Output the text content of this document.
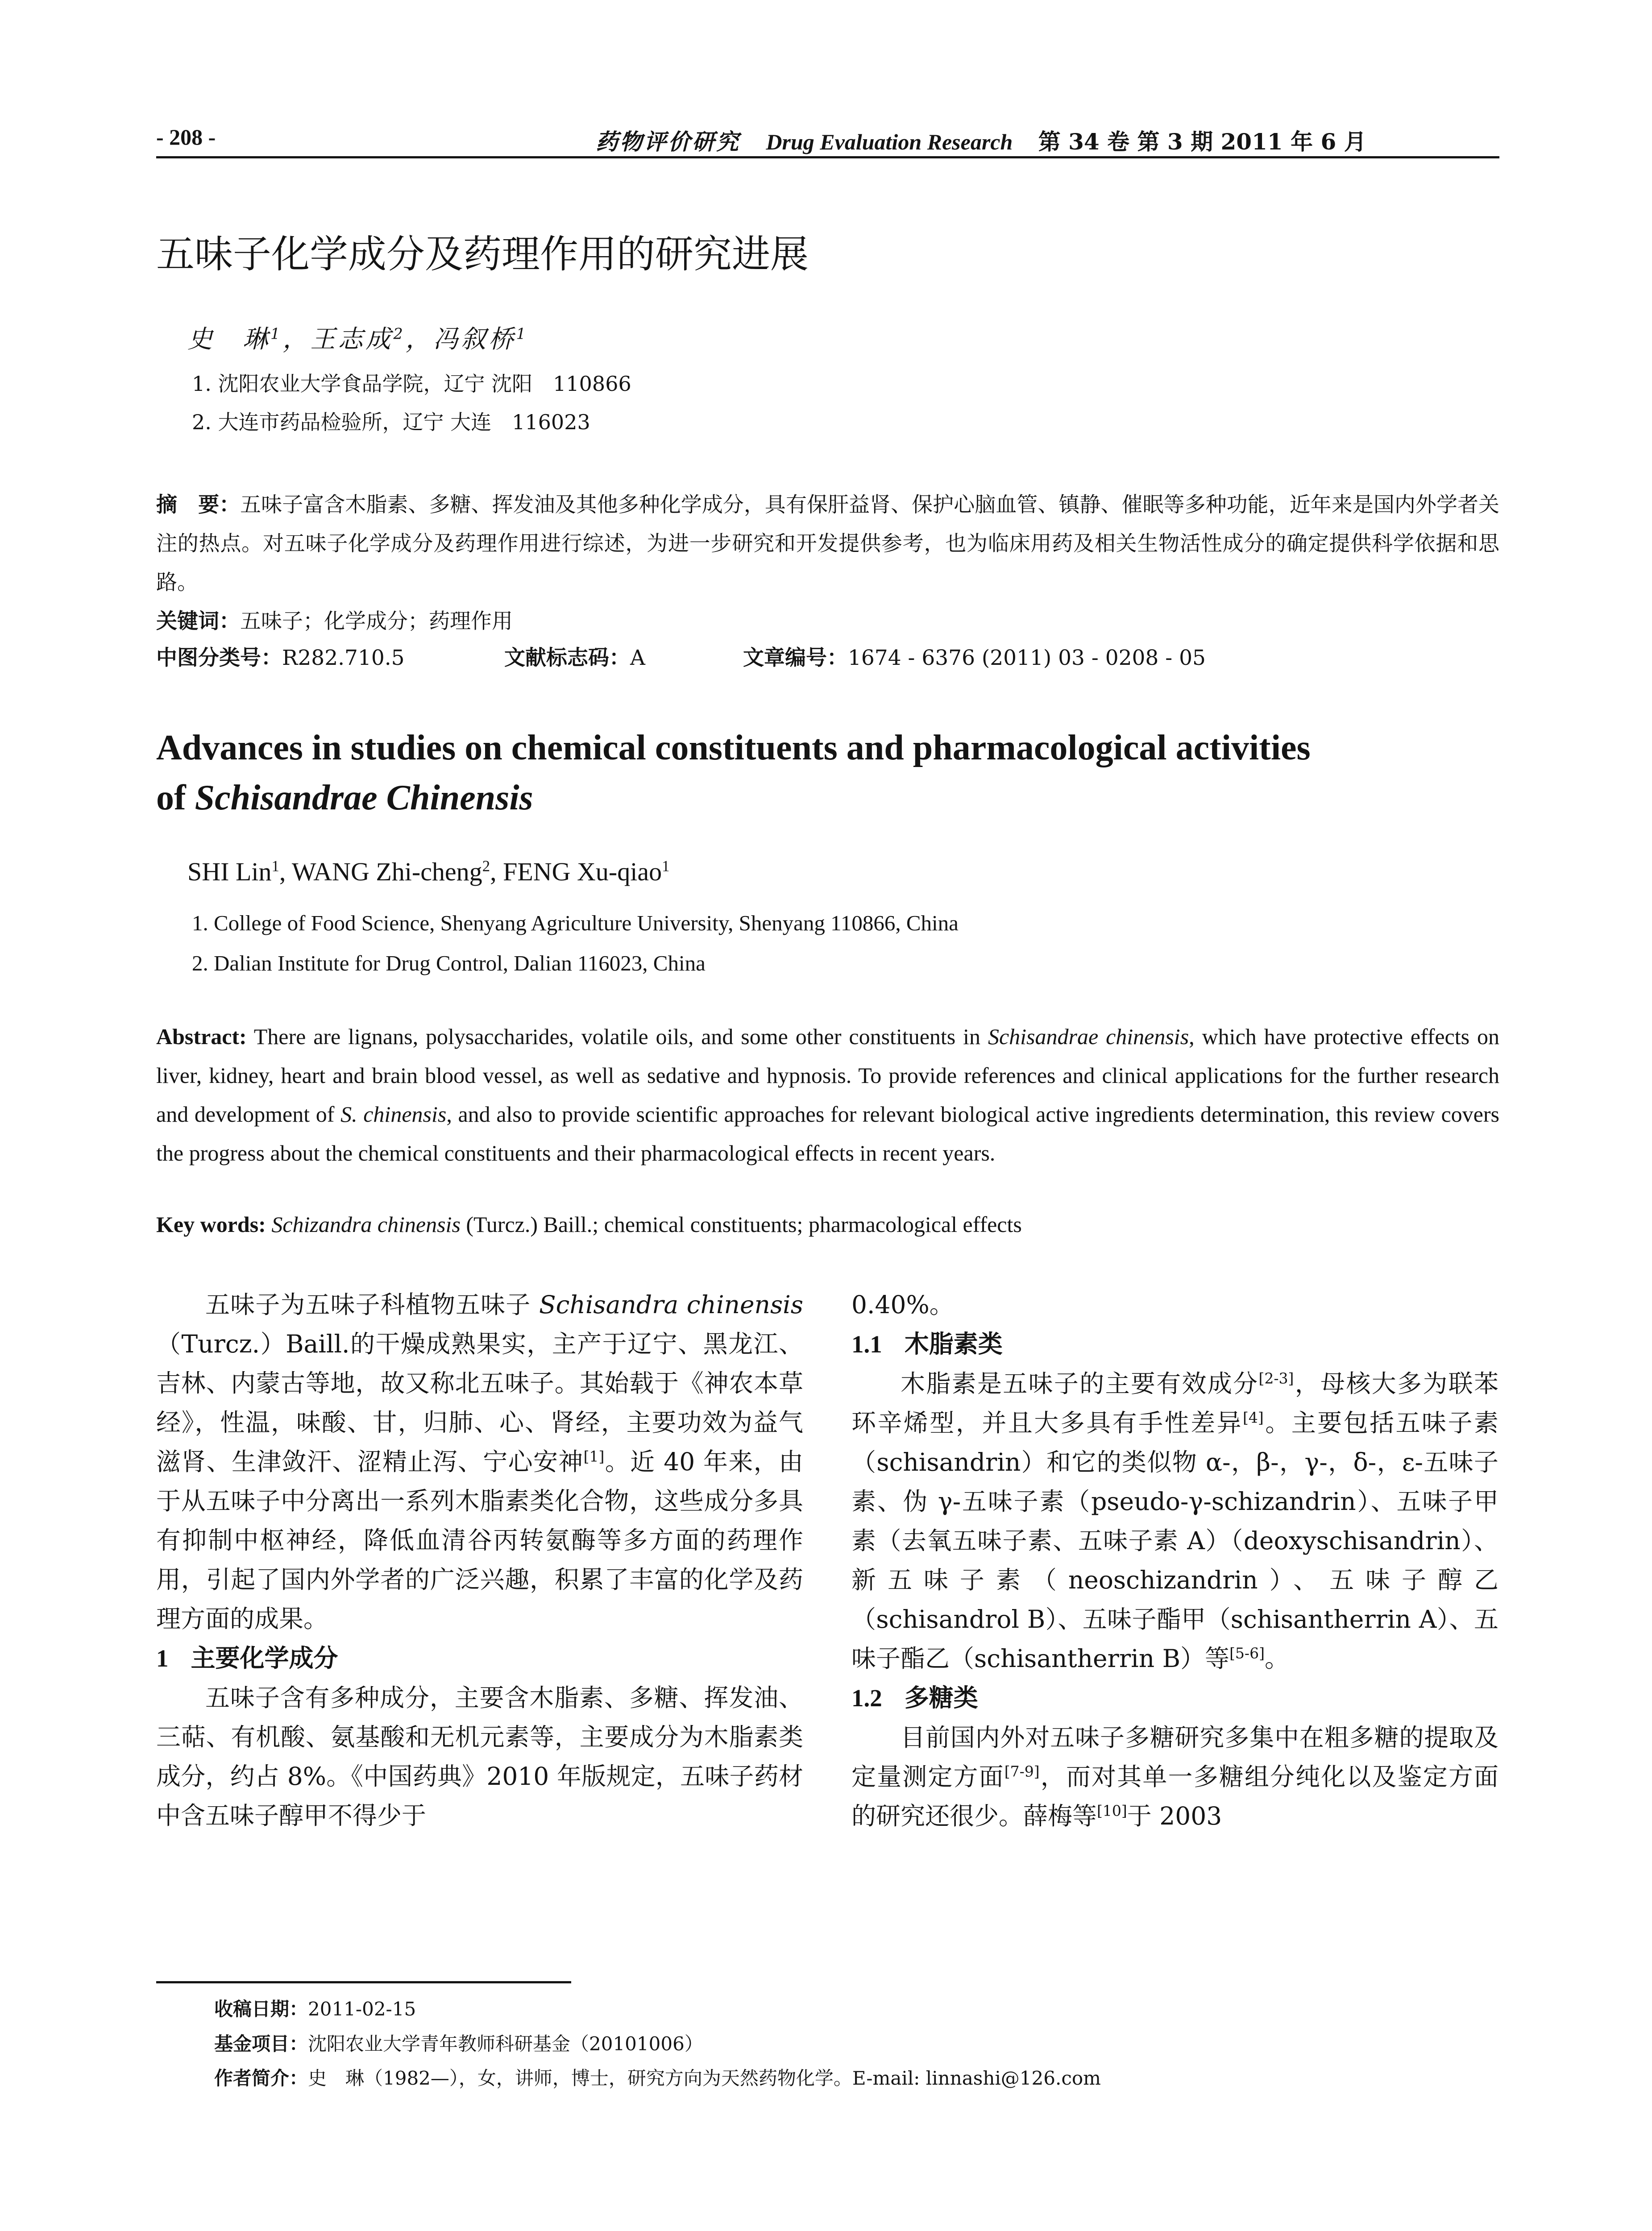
- 208 -	药物评价研究 Drug Evaluation Research 第 34 卷 第 3 期 2011 年 6 月
五味子化学成分及药理作用的研究进展
史　琳$^1$，王志成$^2$，冯叙桥$^1$
1. 沈阳农业大学食品学院，辽宁 沈阳　110866
2. 大连市药品检验所，辽宁 大连　116023
摘　要：五味子富含木脂素、多糖、挥发油及其他多种化学成分，具有保肝益肾、保护心脑血管、镇静、催眠等多种功能，近年来是国内外学者关注的热点。对五味子化学成分及药理作用进行综述，为进一步研究和开发提供参考，也为临床用药及相关生物活性成分的确定提供科学依据和思路。
关键词：五味子；化学成分；药理作用
中图分类号：R282.710.5	文献标志码：A	文章编号：1674 - 6376 (2011) 03 - 0208 - 05
Advances in studies on chemical constituents and pharmacological activities
of Schisandrae Chinensis
SHI Lin$^1$, WANG Zhi-cheng$^2$, FENG Xu-qiao$^1$
1. College of Food Science, Shenyang Agriculture University, Shenyang 110866, China
2. Dalian Institute for Drug Control, Dalian 116023, China
Abstract: There are lignans, polysaccharides, volatile oils, and some other constituents in Schisandrae chinensis, which have protective effects on liver, kidney, heart and brain blood vessel, as well as sedative and hypnosis. To provide references and clinical applications for the further research and development of S. chinensis, and also to provide scientific approaches for relevant biological active ingredients determination, this review covers the progress about the chemical constituents and their pharmacological effects in recent years.
Key words: Schizandra chinensis (Turcz.) Baill.; chemical constituents; pharmacological effects

五味子为五味子科植物五味子 Schisandra chinensis （Turcz.）Baill.的干燥成熟果实，主产于辽宁、黑龙江、吉林、内蒙古等地，故又称北五味子。其始载于《神农本草经》，性温，味酸、甘，归肺、心、肾经，主要功效为益气滋肾、生津敛汗、涩精止泻、宁心安神[1]。近 40 年来，由于从五味子中分离出一系列木脂素类化合物，这些成分多具有抑制中枢神经，降低血清谷丙转氨酶等多方面的药理作用，引起了国内外学者的广泛兴趣，积累了丰富的化学及药理方面的成果。

1 主要化学成分

五味子含有多种成分，主要含木脂素、多糖、挥发油、三萜、有机酸、氨基酸和无机元素等，主要成分为木脂素类成分，约占 8%。《中国药典》2010 年版规定，五味子药材中含五味子醇甲不得少于

0.40%。

1.1 木脂素类

木脂素是五味子的主要有效成分[2-3]，母核大多为联苯环辛烯型，并且大多具有手性差异[4]。主要包括五味子素（schisandrin）和它的类似物 α-，β-，γ-，δ-，ε-五味子素、伪 γ-五味子素（pseudo-γ-schizandrin）、五味子甲素（去氧五味子素、五味子素 A）（deoxyschisandrin）、新五味子素（neoschizandrin）、五味子醇乙（schisandrol B）、五味子酯甲（schisantherrin A）、五味子酯乙（schisantherrin B）等[5-6]。

1.2 多糖类

目前国内外对五味子多糖研究多集中在粗多糖的提取及定量测定方面[7-9]，而对其单一多糖组分纯化以及鉴定方面的研究还很少。薛梅等[10]于 2003

收稿日期：2011-02-15
基金项目：沈阳农业大学青年教师科研基金（20101006）
作者简介：史　琳（1982—），女，讲师，博士，研究方向为天然药物化学。E-mail: linnashi@126.com
